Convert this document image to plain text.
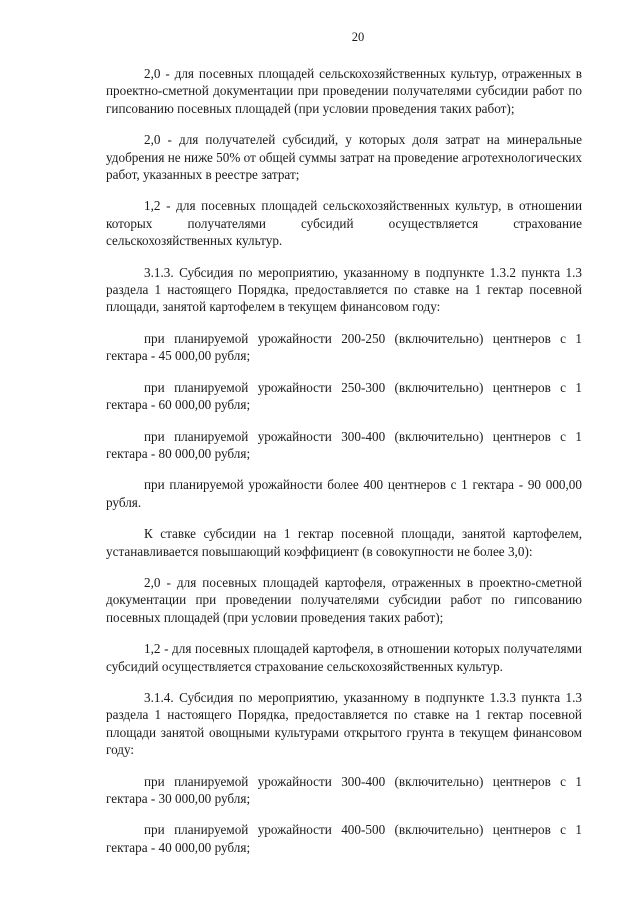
20

2,0 - для посевных площадей сельскохозяйственных культур, отраженных в проектно-сметной документации при проведении получателями субсидии работ по гипсованию посевных площадей (при условии проведения таких работ);

2,0 - для получателей субсидий, у которых доля затрат на минеральные удобрения не ниже 50% от общей суммы затрат на проведение агротехнологических работ, указанных в реестре затрат;

1,2 - для посевных площадей сельскохозяйственных культур, в отношении которых получателями субсидий осуществляется страхование сельскохозяйственных культур.

3.1.3. Субсидия по мероприятию, указанному в подпункте 1.3.2 пункта 1.3 раздела 1 настоящего Порядка, предоставляется по ставке на 1 гектар посевной площади, занятой картофелем в текущем финансовом году:

при планируемой урожайности 200-250 (включительно) центнеров с 1 гектара - 45 000,00 рубля;

при планируемой урожайности 250-300 (включительно) центнеров с 1 гектара - 60 000,00 рубля;

при планируемой урожайности 300-400 (включительно) центнеров с 1 гектара - 80 000,00 рубля;

при планируемой урожайности более 400 центнеров с 1 гектара - 90 000,00 рубля.

К ставке субсидии на 1 гектар посевной площади, занятой картофелем, устанавливается повышающий коэффициент (в совокупности не более 3,0):

2,0 - для посевных площадей картофеля, отраженных в проектно-сметной документации при проведении получателями субсидии работ по гипсованию посевных площадей (при условии проведения таких работ);

1,2 - для посевных площадей картофеля, в отношении которых получателями субсидий осуществляется страхование сельскохозяйственных культур.

3.1.4. Субсидия по мероприятию, указанному в подпункте 1.3.3 пункта 1.3 раздела 1 настоящего Порядка, предоставляется по ставке на 1 гектар посевной площади занятой овощными культурами открытого грунта в текущем финансовом году:

при планируемой урожайности 300-400 (включительно) центнеров с 1 гектара - 30 000,00 рубля;

при планируемой урожайности 400-500 (включительно) центнеров с 1 гектара - 40 000,00 рубля;
